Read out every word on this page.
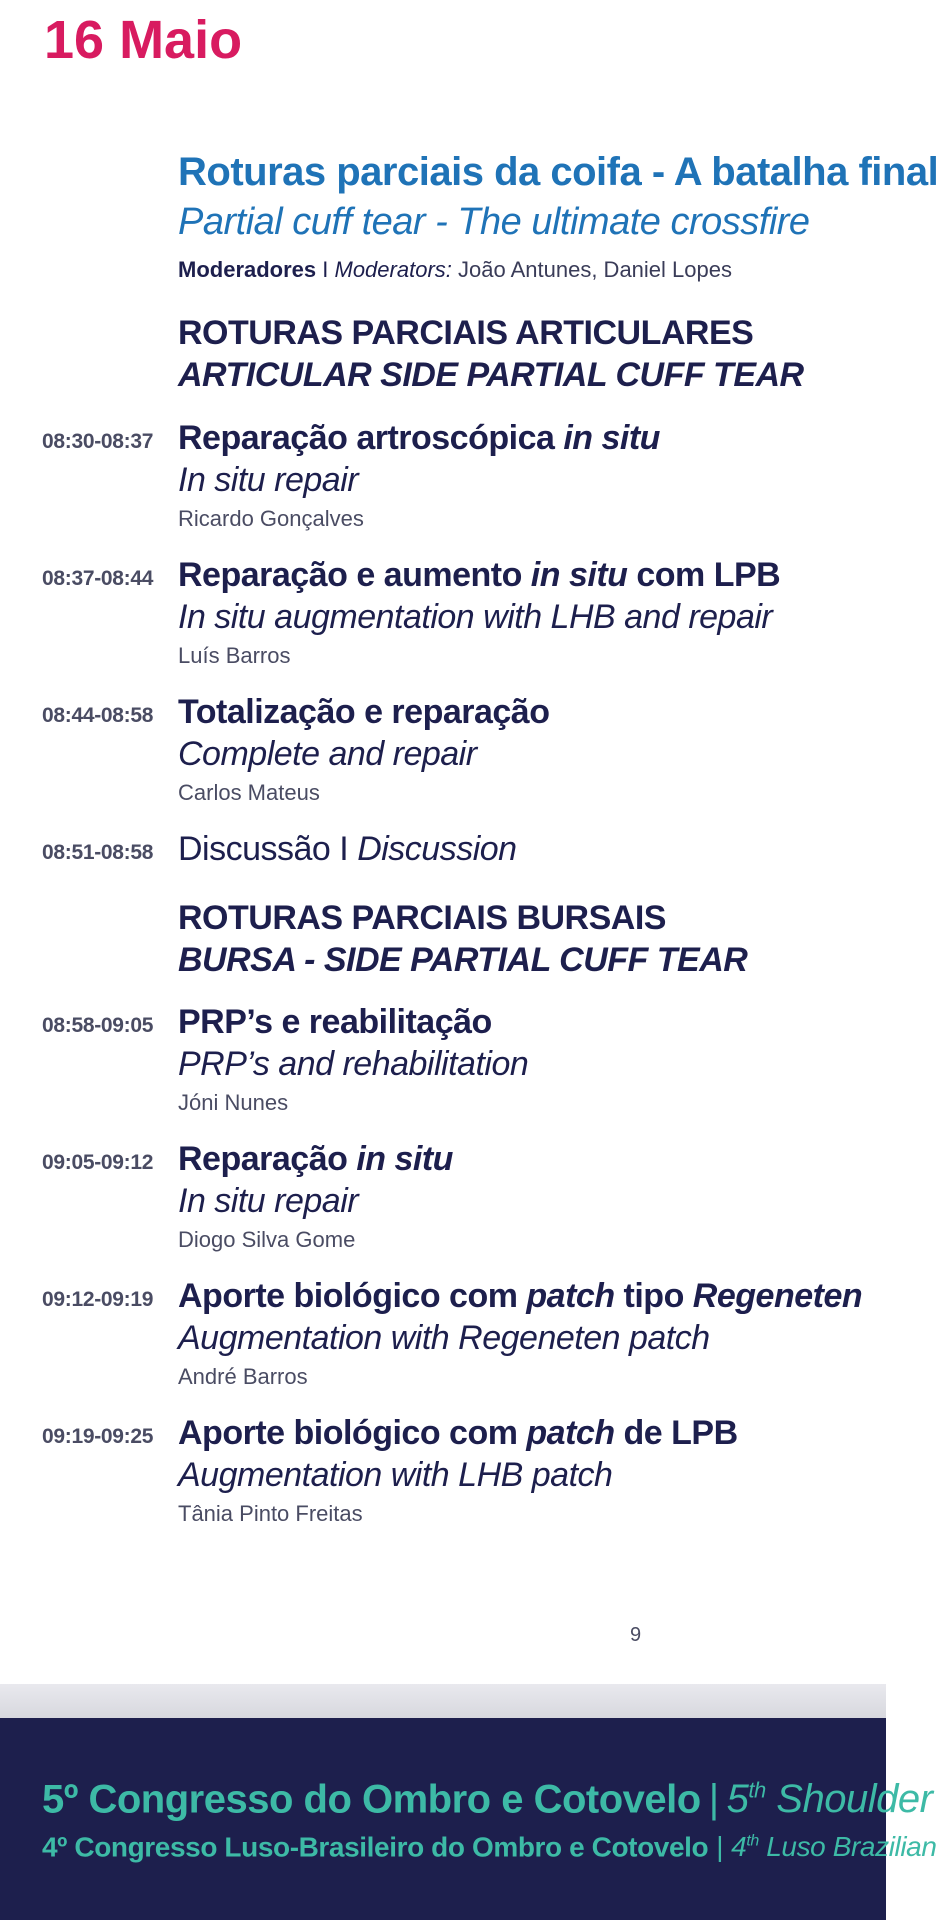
16 Maio
Roturas parciais da coifa - A batalha final
Partial cuff tear - The ultimate crossfire
Moderadores I Moderators: João Antunes, Daniel Lopes
ROTURAS PARCIAIS ARTICULARES
ARTICULAR SIDE PARTIAL CUFF TEAR
08:30-08:37 Reparação artroscópica in situ
In situ repair
Ricardo Gonçalves
08:37-08:44 Reparação e aumento in situ com LPB
In situ augmentation with LHB and repair
Luís Barros
08:44-08:58 Totalização e reparação
Complete and repair
Carlos Mateus
08:51-08:58 Discussão I Discussion
ROTURAS PARCIAIS BURSAIS
BURSA - SIDE PARTIAL CUFF TEAR
08:58-09:05 PRP’s e reabilitação
PRP’s and rehabilitation
Jóni Nunes
09:05-09:12 Reparação in situ
In situ repair
Diogo Silva Gome
09:12-09:19 Aporte biológico com patch tipo Regeneten
Augmentation with Regeneten patch
André Barros
09:19-09:25 Aporte biológico com patch de LPB
Augmentation with LHB patch
Tânia Pinto Freitas
9
5º Congresso do Ombro e Cotovelo | 5th Shoulder
4º Congresso Luso-Brasileiro do Ombro e Cotovelo | 4th Luso Brazilian
